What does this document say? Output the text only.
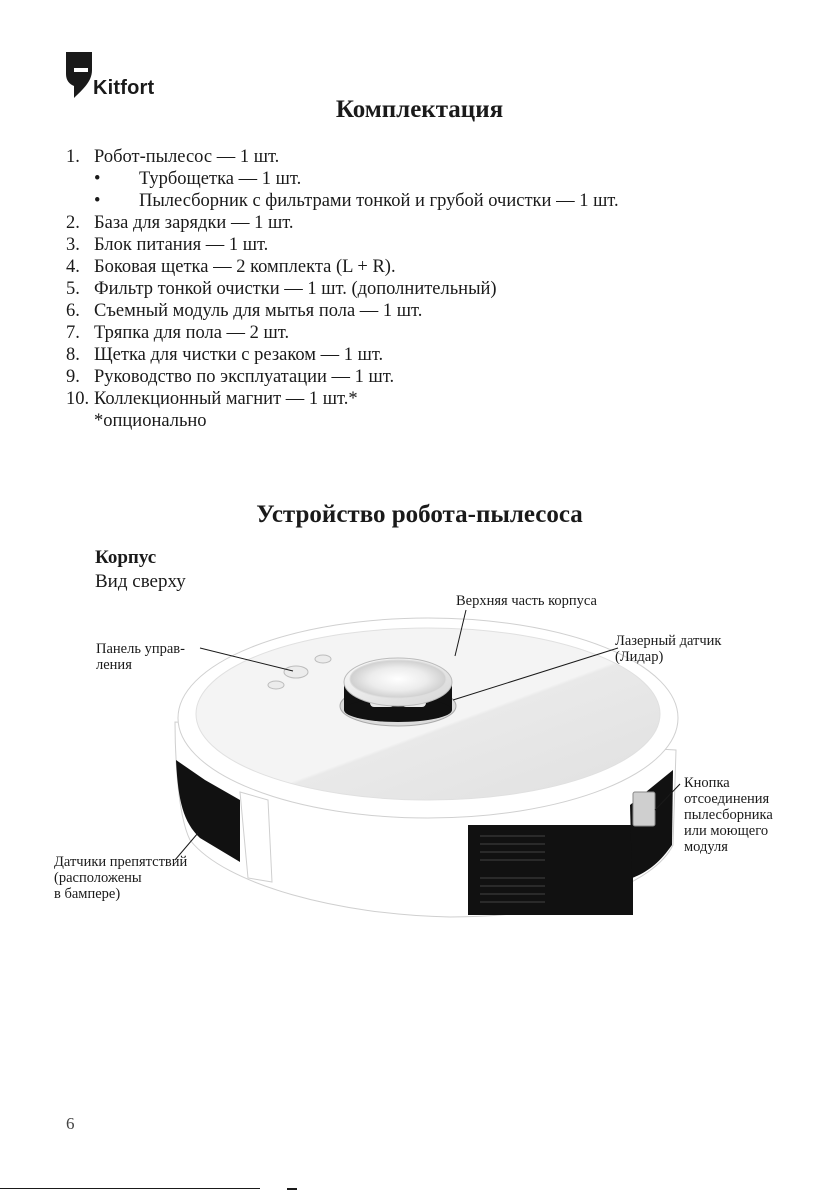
Kitfort
Комплектация
1. Робот-пылесос — 1 шт.
• Турбощетка — 1 шт.
• Пылесборник с фильтрами тонкой и грубой очистки — 1 шт.
2. База для зарядки — 1 шт.
3. Блок питания — 1 шт.
4. Боковая щетка — 2 комплекта (L + R).
5. Фильтр тонкой очистки — 1 шт. (дополнительный)
6. Съемный модуль для мытья пола — 1 шт.
7. Тряпка для пола — 2 шт.
8. Щетка для чистки с резаком — 1 шт.
9. Руководство по эксплуатации — 1 шт.
10. Коллекционный магнит — 1 шт.*
*опционально
Устройство робота-пылесоса
Корпус
Вид сверху
Верхняя часть корпуса
Панель управ-
ления
Лазерный датчик
(Лидар)
Кнопка
отсоединения
пылесборника
или моющего
модуля
Датчики препятствий
(расположены
в бампере)
6
